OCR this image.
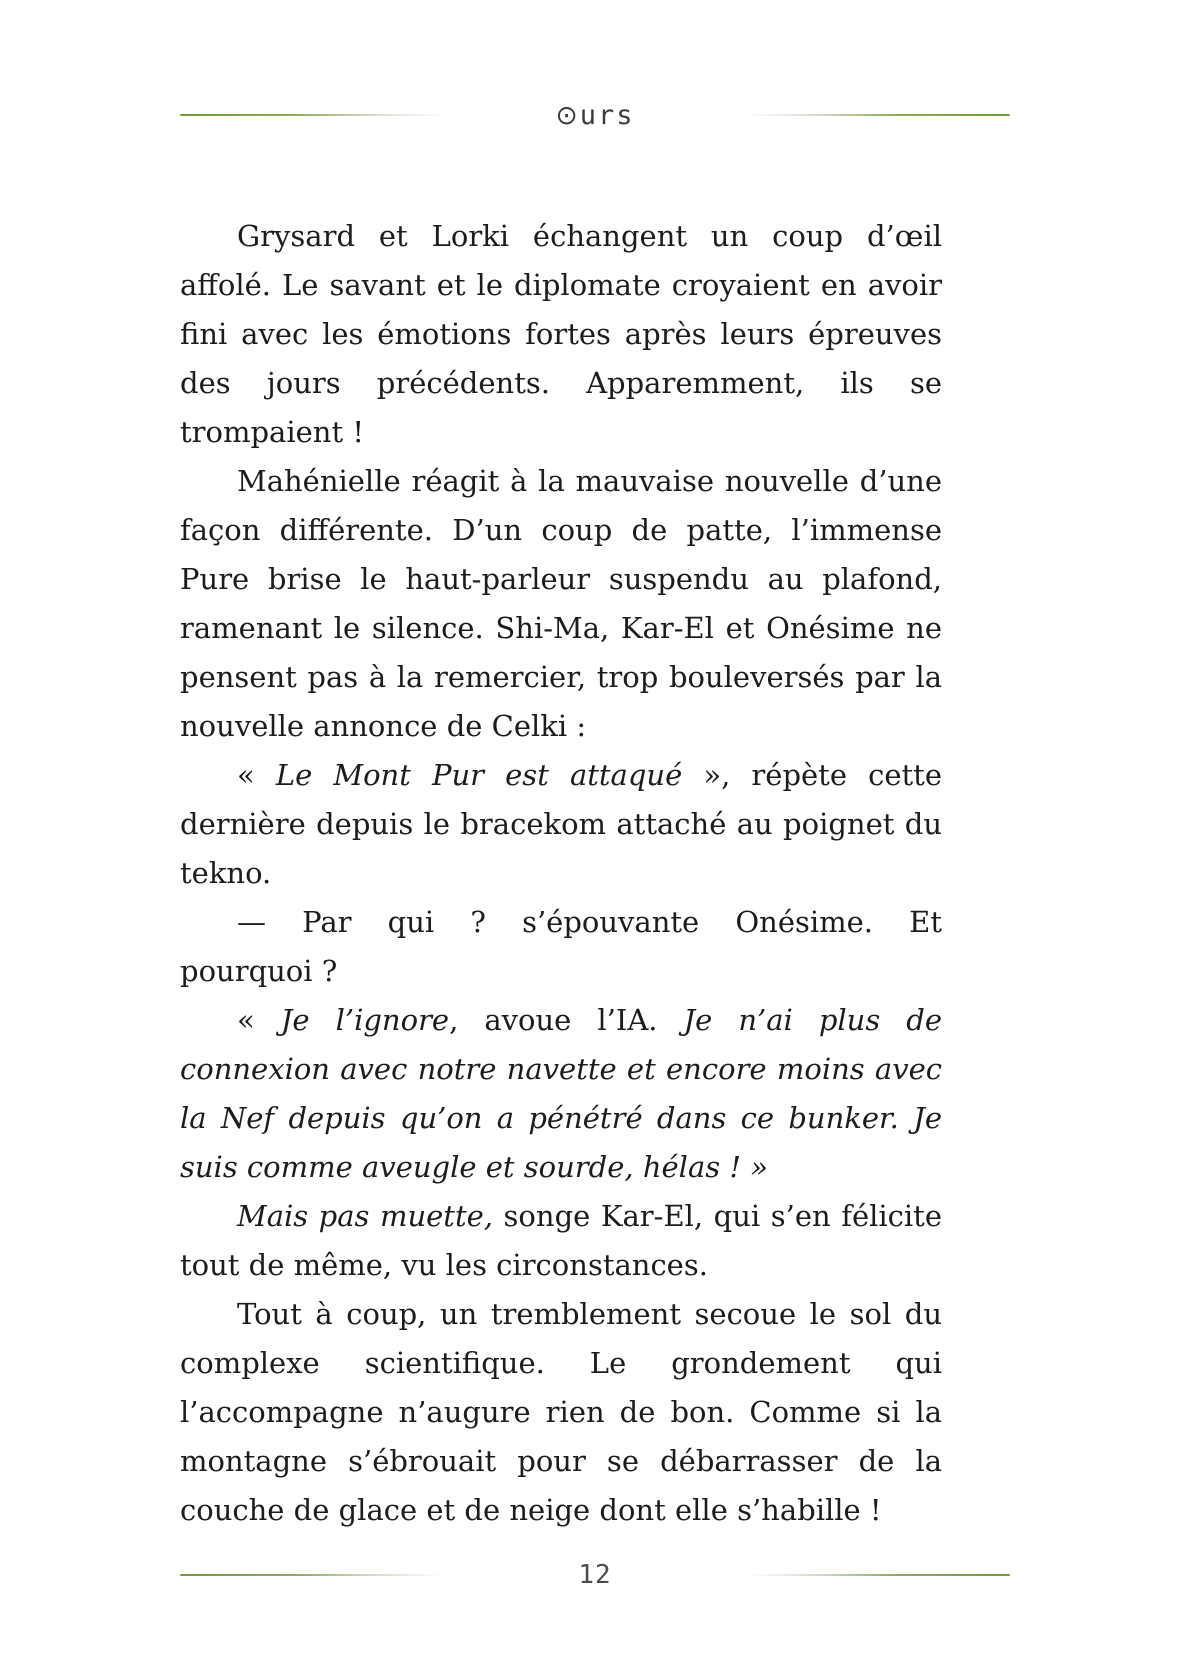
⊙urs

Grysard et Lorki échangent un coup d’œil affolé. Le savant et le diplomate croyaient en avoir fini avec les émotions fortes après leurs épreuves des jours précédents. Apparemment, ils se trompaient !

Mahénielle réagit à la mauvaise nouvelle d’une façon différente. D’un coup de patte, l’immense Pure brise le haut-parleur suspendu au plafond, ramenant le silence. Shi-Ma, Kar-El et Onésime ne pensent pas à la remercier, trop bouleversés par la nouvelle annonce de Celki :

« Le Mont Pur est attaqué », répète cette dernière depuis le bracekom attaché au poignet du tekno.

— Par qui ? s’épouvante Onésime. Et pourquoi ?

« Je l’ignore, avoue l’IA. Je n’ai plus de connexion avec notre navette et encore moins avec la Nef depuis qu’on a pénétré dans ce bunker. Je suis comme aveugle et sourde, hélas ! »

Mais pas muette, songe Kar-El, qui s’en félicite tout de même, vu les circonstances.

Tout à coup, un tremblement secoue le sol du complexe scientifique. Le grondement qui l’accompagne n’augure rien de bon. Comme si la montagne s’ébrouait pour se débarrasser de la couche de glace et de neige dont elle s’habille !

12
